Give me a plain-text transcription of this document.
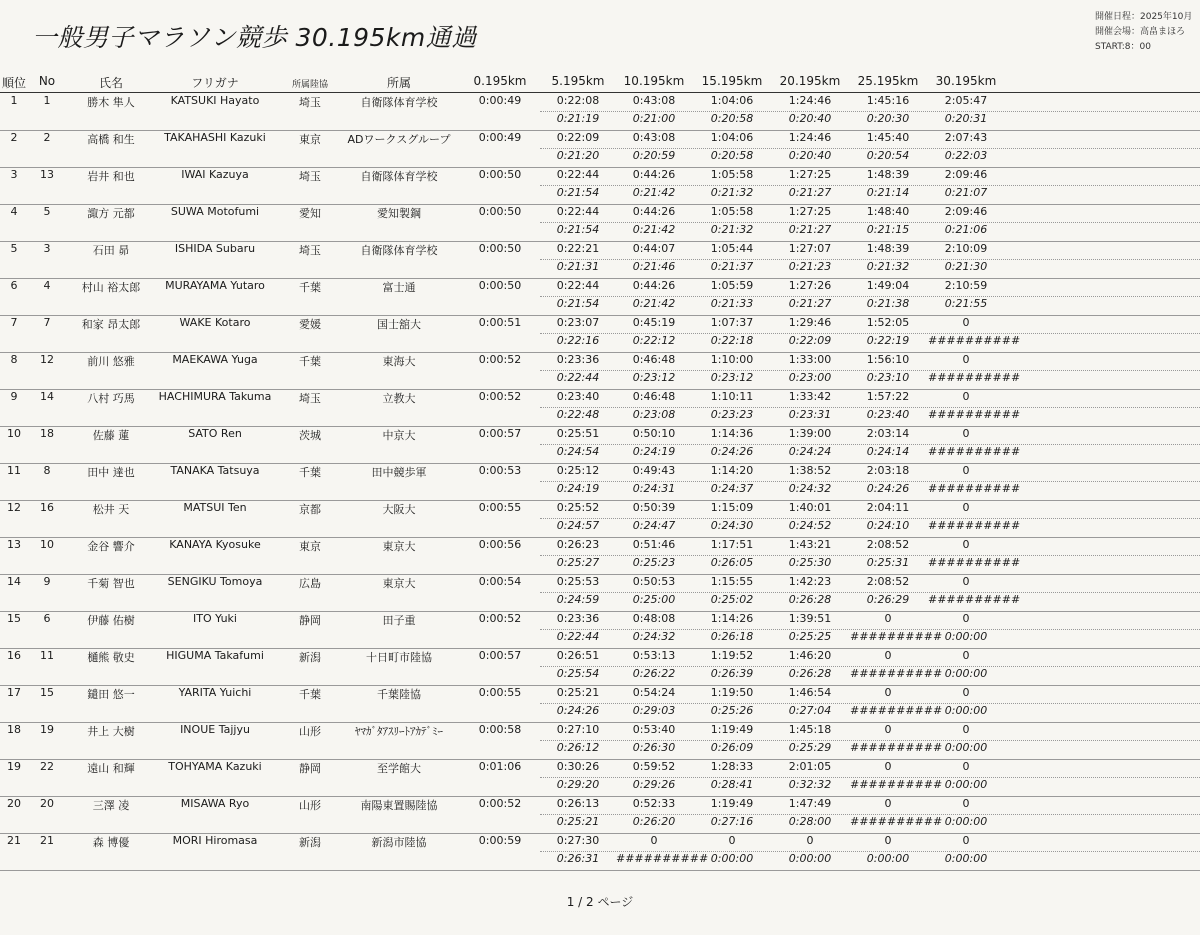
一般男子マラソン競歩 30.195km通過
開催日程：2025年10月
開催会場：高畠まほろ
START:8：00
順位	No	氏名	フリガナ	所属陸協	所属	0.195km	5.195km	10.195km	15.195km	20.195km	25.195km	30.195km
1	1	勝木 隼人	KATSUKI Hayato	埼玉	自衛隊体育学校	0:00:49	0:22:08	0:43:08	1:04:06	1:24:46	1:45:16	2:05:47
0:21:19	0:21:00	0:20:58	0:20:40	0:20:30	0:20:31
2	2	高橋 和生	TAKAHASHI Kazuki	東京	ADワークスグループ	0:00:49	0:22:09	0:43:08	1:04:06	1:24:46	1:45:40	2:07:43
0:21:20	0:20:59	0:20:58	0:20:40	0:20:54	0:22:03
3	13	岩井 和也	IWAI Kazuya	埼玉	自衛隊体育学校	0:00:50	0:22:44	0:44:26	1:05:58	1:27:25	1:48:39	2:09:46
0:21:54	0:21:42	0:21:32	0:21:27	0:21:14	0:21:07
4	5	諏方 元都	SUWA Motofumi	愛知	愛知製鋼	0:00:50	0:22:44	0:44:26	1:05:58	1:27:25	1:48:40	2:09:46
0:21:54	0:21:42	0:21:32	0:21:27	0:21:15	0:21:06
5	3	石田 昴	ISHIDA Subaru	埼玉	自衛隊体育学校	0:00:50	0:22:21	0:44:07	1:05:44	1:27:07	1:48:39	2:10:09
0:21:31	0:21:46	0:21:37	0:21:23	0:21:32	0:21:30
6	4	村山 裕太郎	MURAYAMA Yutaro	千葉	富士通	0:00:50	0:22:44	0:44:26	1:05:59	1:27:26	1:49:04	2:10:59
0:21:54	0:21:42	0:21:33	0:21:27	0:21:38	0:21:55
7	7	和家 昂太郎	WAKE Kotaro	愛媛	国士舘大	0:00:51	0:23:07	0:45:19	1:07:37	1:29:46	1:52:05	0
0:22:16	0:22:12	0:22:18	0:22:09	0:22:19	##########
8	12	前川 悠雅	MAEKAWA Yuga	千葉	東海大	0:00:52	0:23:36	0:46:48	1:10:00	1:33:00	1:56:10	0
0:22:44	0:23:12	0:23:12	0:23:00	0:23:10	##########
9	14	八村 巧馬	HACHIMURA Takuma	埼玉	立教大	0:00:52	0:23:40	0:46:48	1:10:11	1:33:42	1:57:22	0
0:22:48	0:23:08	0:23:23	0:23:31	0:23:40	##########
10	18	佐藤 蓮	SATO Ren	茨城	中京大	0:00:57	0:25:51	0:50:10	1:14:36	1:39:00	2:03:14	0
0:24:54	0:24:19	0:24:26	0:24:24	0:24:14	##########
11	8	田中 達也	TANAKA Tatsuya	千葉	田中競歩軍	0:00:53	0:25:12	0:49:43	1:14:20	1:38:52	2:03:18	0
0:24:19	0:24:31	0:24:37	0:24:32	0:24:26	##########
12	16	松井 天	MATSUI Ten	京都	大阪大	0:00:55	0:25:52	0:50:39	1:15:09	1:40:01	2:04:11	0
0:24:57	0:24:47	0:24:30	0:24:52	0:24:10	##########
13	10	金谷 響介	KANAYA Kyosuke	東京	東京大	0:00:56	0:26:23	0:51:46	1:17:51	1:43:21	2:08:52	0
0:25:27	0:25:23	0:26:05	0:25:30	0:25:31	##########
14	9	千菊 智也	SENGIKU Tomoya	広島	東京大	0:00:54	0:25:53	0:50:53	1:15:55	1:42:23	2:08:52	0
0:24:59	0:25:00	0:25:02	0:26:28	0:26:29	##########
15	6	伊藤 佑樹	ITO Yuki	静岡	田子重	0:00:52	0:23:36	0:48:08	1:14:26	1:39:51	0	0
0:22:44	0:24:32	0:26:18	0:25:25	########## 0:00:00
16	11	樋熊 敬史	HIGUMA Takafumi	新潟	十日町市陸協	0:00:57	0:26:51	0:53:13	1:19:52	1:46:20	0	0
0:25:54	0:26:22	0:26:39	0:26:28	########## 0:00:00
17	15	鑓田 悠一	YARITA Yuichi	千葉	千葉陸協	0:00:55	0:25:21	0:54:24	1:19:50	1:46:54	0	0
0:24:26	0:29:03	0:25:26	0:27:04	########## 0:00:00
18	19	井上 大樹	INOUE Tajjyu	山形	ﾔﾏｶﾞﾀｱｽﾘｰﾄｱｶﾃﾞﾐｰ	0:00:58	0:27:10	0:53:40	1:19:49	1:45:18	0	0
0:26:12	0:26:30	0:26:09	0:25:29	########## 0:00:00
19	22	遠山 和輝	TOHYAMA Kazuki	静岡	至学館大	0:01:06	0:30:26	0:59:52	1:28:33	2:01:05	0	0
0:29:20	0:29:26	0:28:41	0:32:32	########## 0:00:00
20	20	三澤 凌	MISAWA Ryo	山形	南陽東置賜陸協	0:00:52	0:26:13	0:52:33	1:19:49	1:47:49	0	0
0:25:21	0:26:20	0:27:16	0:28:00	########## 0:00:00
21	21	森 博優	MORI Hiromasa	新潟	新潟市陸協	0:00:59	0:27:30	0	0	0	0	0
0:26:31	########## 0:00:00	0:00:00	0:00:00	0:00:00
1 / 2 ページ
